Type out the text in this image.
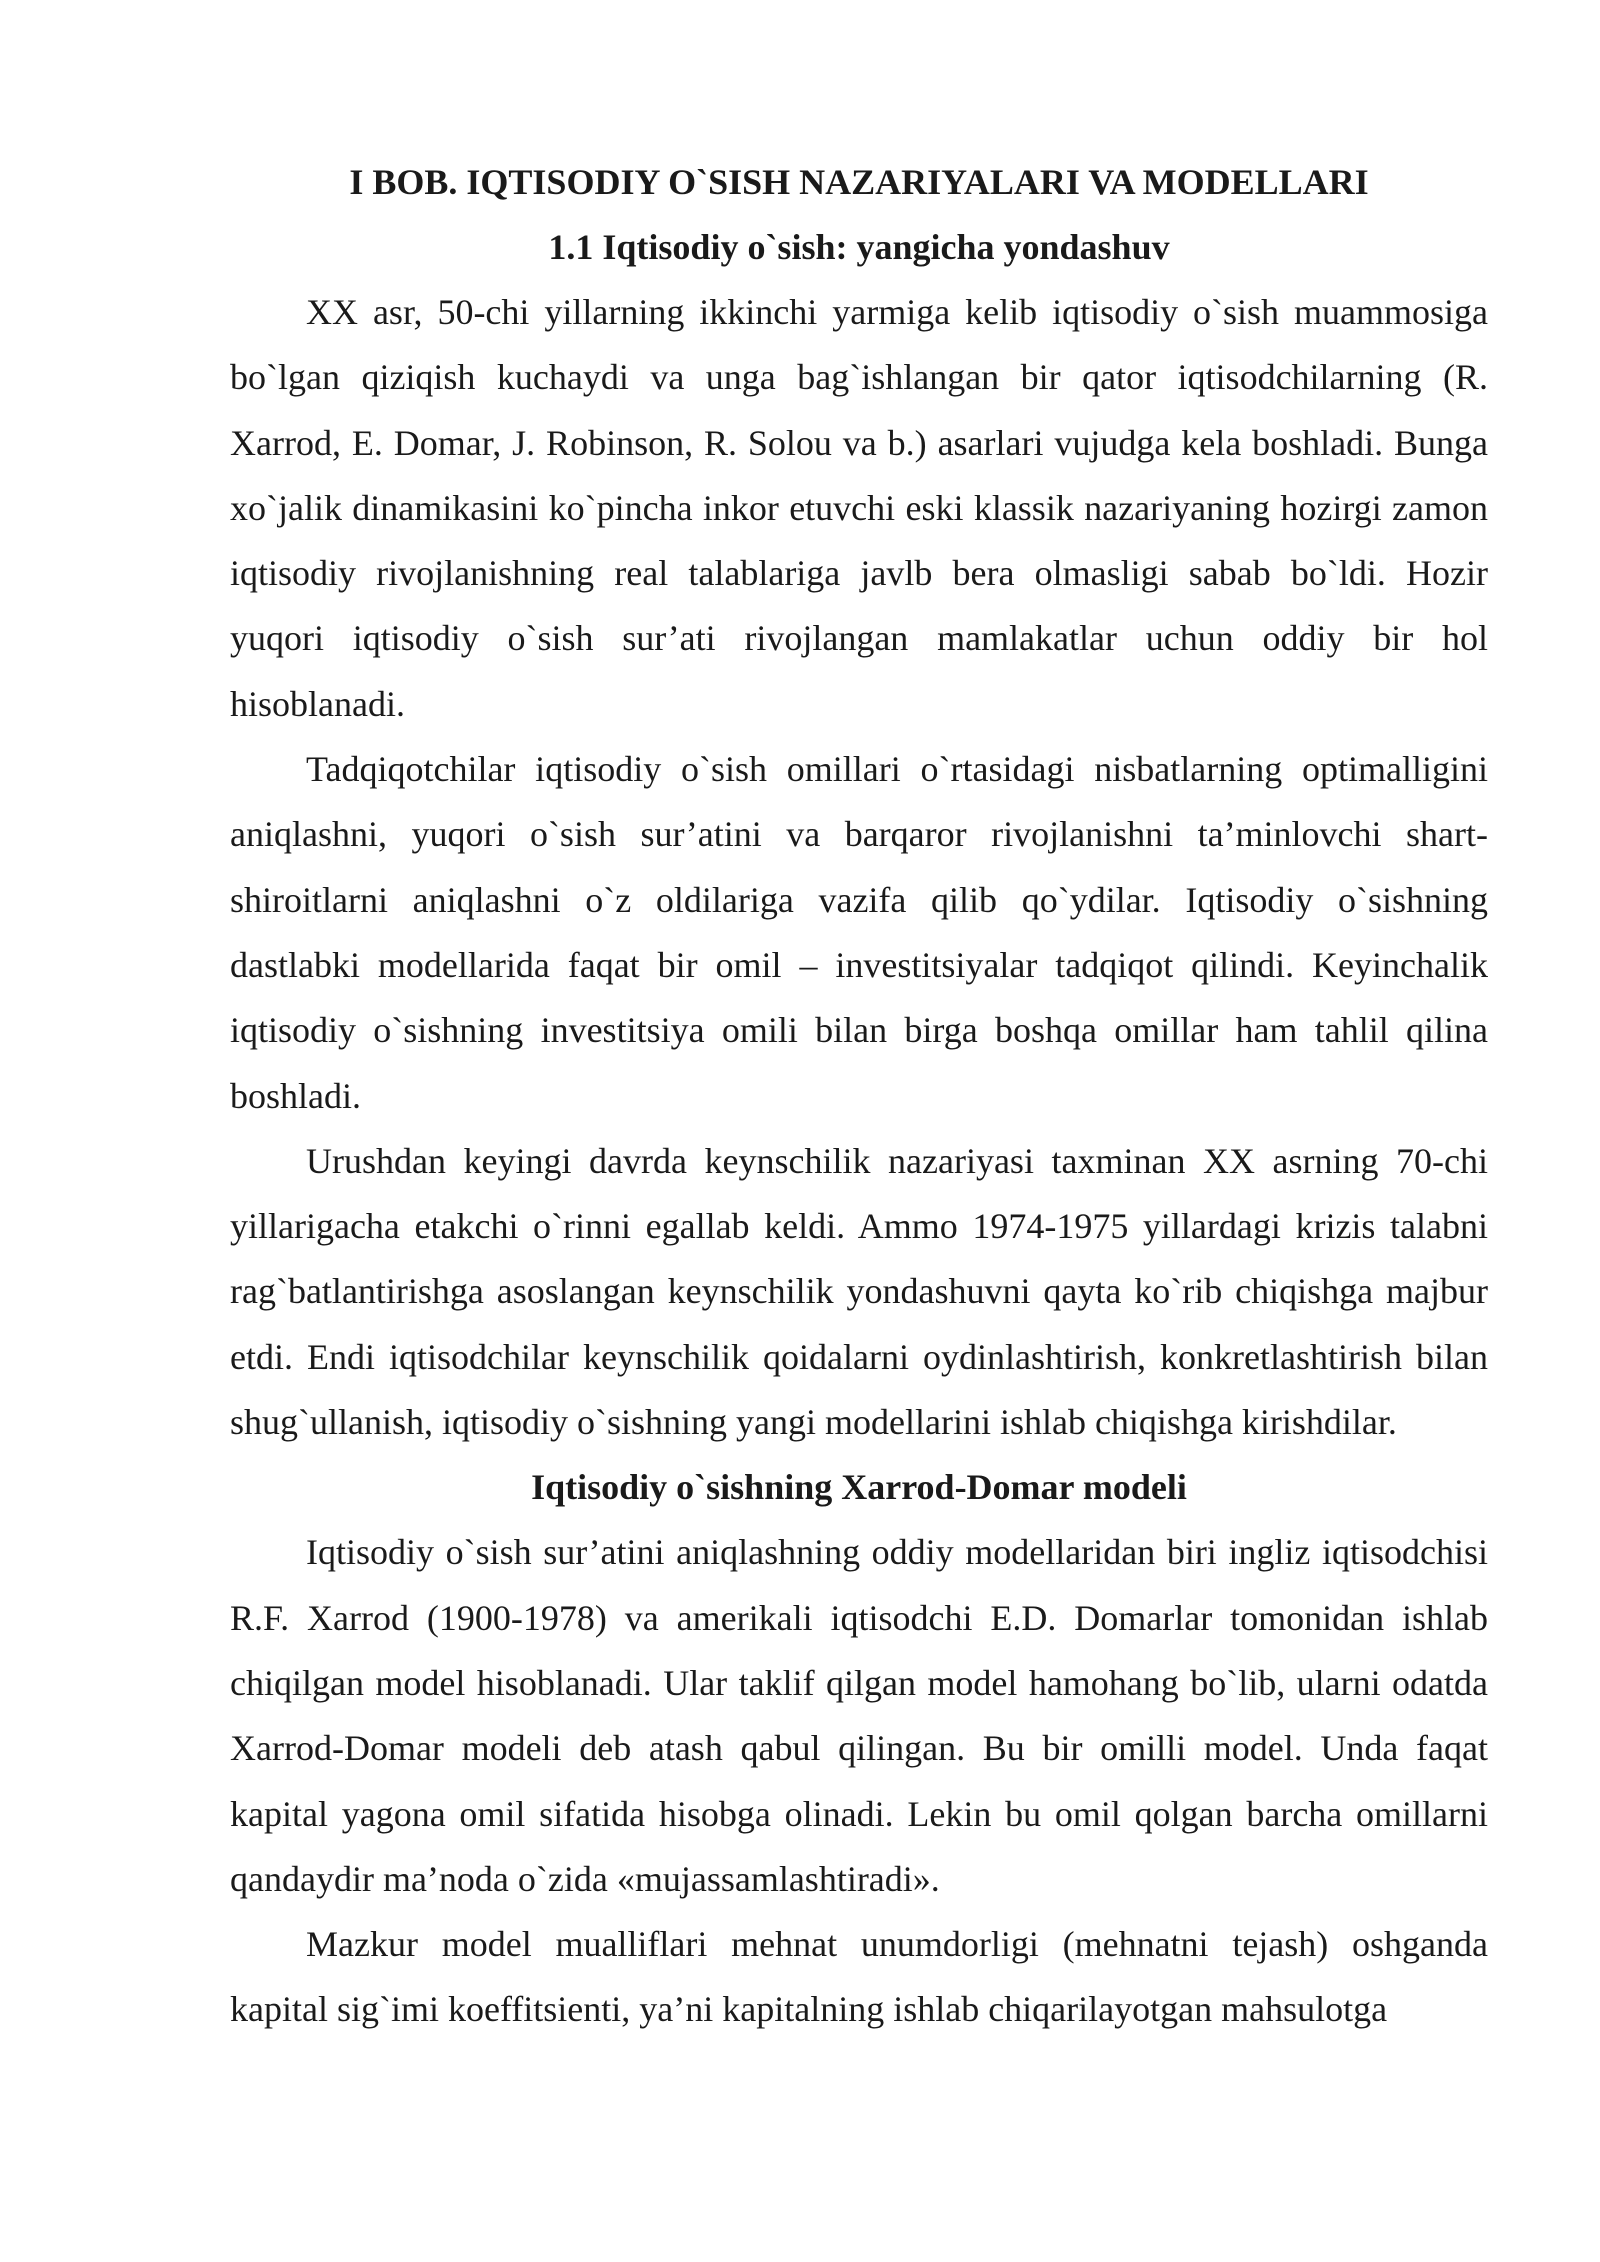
I BOB. IQTISODIY O`SISH NAZARIYALARI VA MODELLARI
1.1 Iqtisodiy o`sish: yangicha yondashuv

XX asr, 50-chi yillarning ikkinchi yarmiga kelib iqtisodiy o`sish muammosiga bo`lgan qiziqish kuchaydi va unga bag`ishlangan bir qator iqtisodchilarning (R. Xarrod, E. Domar, J. Robinson, R. Solou va b.) asarlari vujudga kela boshladi. Bunga xo`jalik dinamikasini ko`pincha inkor etuvchi eski klassik nazariyaning hozirgi zamon iqtisodiy rivojlanishning real talablariga javlb bera olmasligi sabab bo`ldi. Hozir yuqori iqtisodiy o`sish sur’ati rivojlangan mamlakatlar uchun oddiy bir hol hisoblanadi.

Tadqiqotchilar iqtisodiy o`sish omillari o`rtasidagi nisbatlarning optimalligini aniqlashni, yuqori o`sish sur’atini va barqaror rivojlanishni ta’minlovchi shart-shiroitlarni aniqlashni o`z oldilariga vazifa qilib qo`ydilar. Iqtisodiy o`sishning dastlabki modellarida faqat bir omil – investitsiyalar tadqiqot qilindi. Keyinchalik iqtisodiy o`sishning investitsiya omili bilan birga boshqa omillar ham tahlil qilina boshladi.

Urushdan keyingi davrda keynschilik nazariyasi taxminan XX asrning 70-chi yillarigacha etakchi o`rinni egallab keldi. Ammo 1974-1975 yillardagi krizis talabni rag`batlantirishga asoslangan keynschilik yondashuvni qayta ko`rib chiqishga majbur etdi. Endi iqtisodchilar keynschilik qoidalarni oydinlashtirish, konkretlashtirish bilan shug`ullanish, iqtisodiy o`sishning yangi modellarini ishlab chiqishga kirishdilar.

Iqtisodiy o`sishning Xarrod-Domar modeli

Iqtisodiy o`sish sur’atini aniqlashning oddiy modellaridan biri ingliz iqtisodchisi R.F. Xarrod (1900-1978) va amerikali iqtisodchi E.D. Domarlar tomonidan ishlab chiqilgan model hisoblanadi. Ular taklif qilgan model hamohang bo`lib, ularni odatda Xarrod-Domar modeli deb atash qabul qilingan. Bu bir omilli model. Unda faqat kapital yagona omil sifatida hisobga olinadi. Lekin bu omil qolgan barcha omillarni qandaydir ma’noda o`zida «mujassamlashtiradi».

Mazkur model mualliflari mehnat unumdorligi (mehnatni tejash) oshganda kapital sig`imi koeffitsienti, ya’ni kapitalning ishlab chiqarilayotgan mahsulotga
